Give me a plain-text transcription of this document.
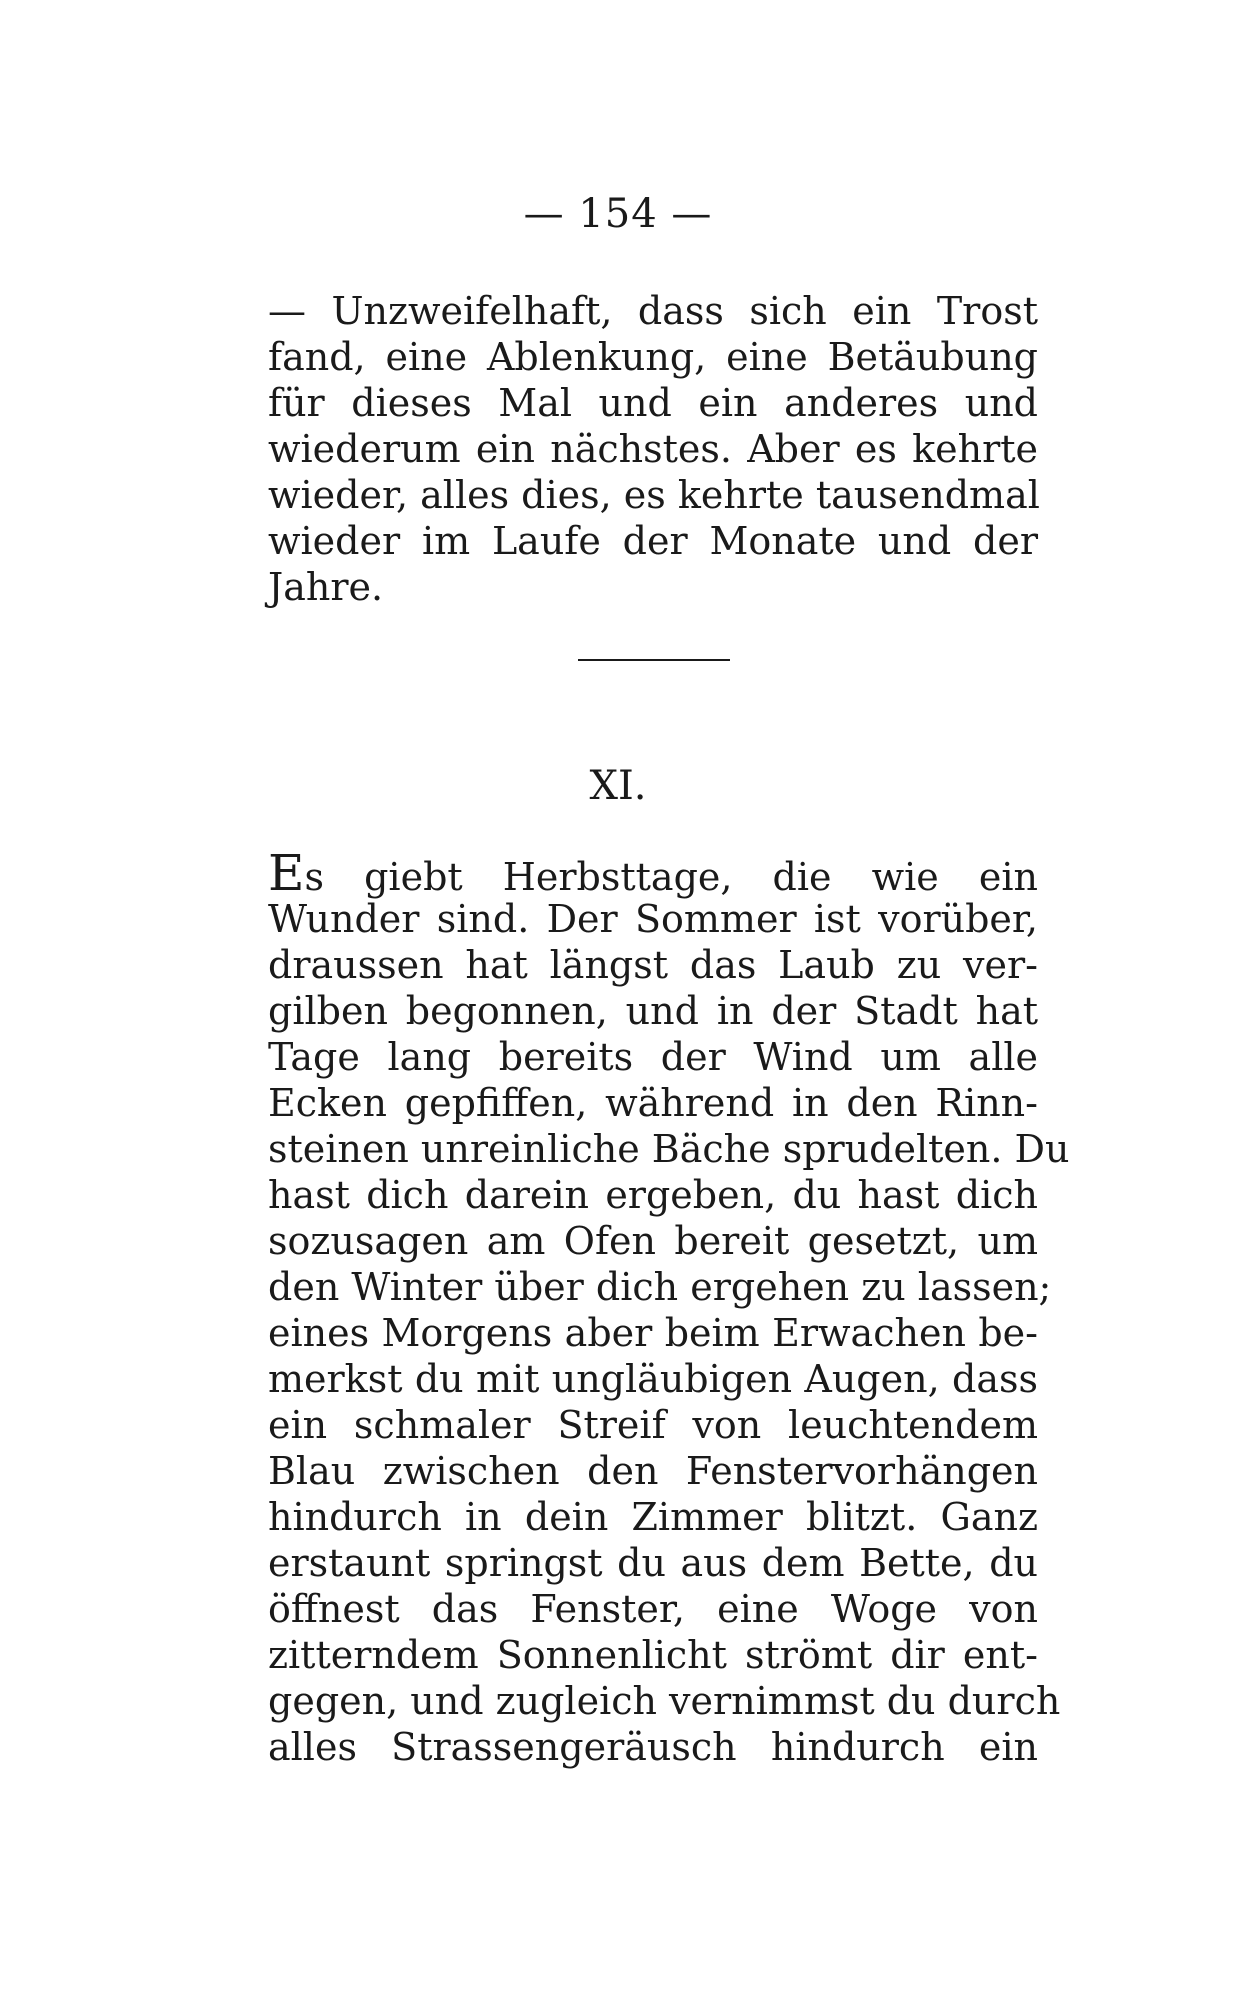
— 154 —
— Unzweifelhaft, dass sich ein Trost
fand, eine Ablenkung, eine Betäubung
für dieses Mal und ein anderes und
wiederum ein nächstes. Aber es kehrte
wieder, alles dies, es kehrte tausendmal
wieder im Laufe der Monate und der
Jahre.
XI.
Es giebt Herbsttage, die wie ein
Wunder sind. Der Sommer ist vorüber,
draussen hat längst das Laub zu ver-
gilben begonnen, und in der Stadt hat
Tage lang bereits der Wind um alle
Ecken gepfiffen, während in den Rinn-
steinen unreinliche Bäche sprudelten. Du
hast dich darein ergeben, du hast dich
sozusagen am Ofen bereit gesetzt, um
den Winter über dich ergehen zu lassen;
eines Morgens aber beim Erwachen be-
merkst du mit ungläubigen Augen, dass
ein schmaler Streif von leuchtendem
Blau zwischen den Fenstervorhängen
hindurch in dein Zimmer blitzt. Ganz
erstaunt springst du aus dem Bette, du
öffnest das Fenster, eine Woge von
zitterndem Sonnenlicht strömt dir ent-
gegen, und zugleich vernimmst du durch
alles Strassengeräusch hindurch ein
